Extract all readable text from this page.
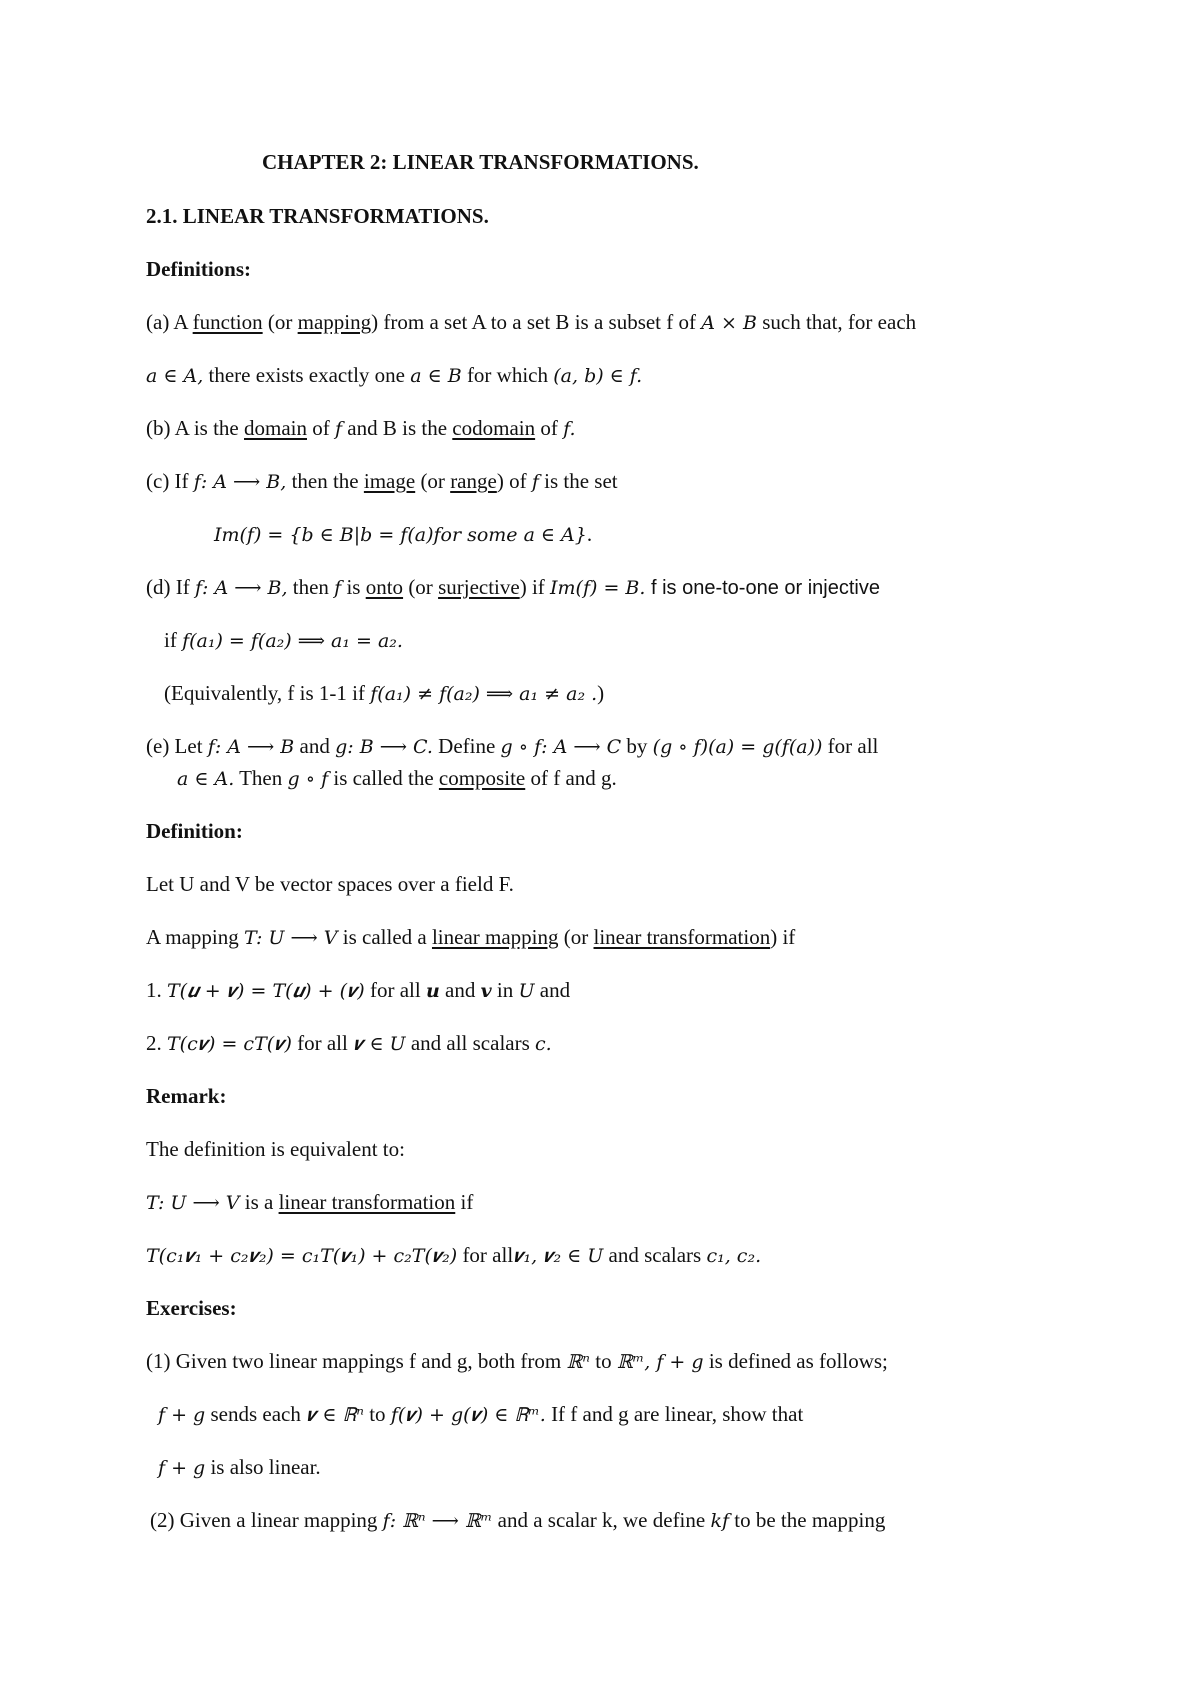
CHAPTER 2: LINEAR TRANSFORMATIONS.
2.1. LINEAR TRANSFORMATIONS.
Definitions:
(a) A function (or mapping) from a set A to a set B is a subset f of A × B such that, for each
a ∈ A, there exists exactly one a ∈ B for which (a, b) ∈ f.
(b) A is the domain of f and B is the codomain of f.
(c) If f: A ⟶ B, then the image (or range) of f is the set
Im(f) = {b ∈ B|b = f(a)for some a ∈ A}.
(d) If f: A ⟶ B, then f is onto (or surjective) if Im(f) = B. f is one-to-one or injective
if f(a₁) = f(a₂) ⟹ a₁ = a₂.
(Equivalently, f is 1-1 if f(a₁) ≠ f(a₂) ⟹ a₁ ≠ a₂ .)
(e) Let f: A ⟶ B and g: B ⟶ C. Define g ∘ f: A ⟶ C by (g ∘ f)(a) = g(f(a)) for all
a ∈ A. Then g ∘ f is called the composite of f and g.
Definition:
Let U and V be vector spaces over a field F.
A mapping T: U ⟶ V is called a linear mapping (or linear transformation) if
1. T(𝒖 + 𝒗) = T(𝒖) + (𝒗) for all 𝒖 and 𝒗 in U and
2. T(c𝒗) = cT(𝒗) for all 𝒗 ∈ U and all scalars c.
Remark:
The definition is equivalent to:
T: U ⟶ V is a linear transformation if
T(c₁𝒗₁ + c₂𝒗₂) = c₁T(𝒗₁) + c₂T(𝒗₂) for all𝒗₁, 𝒗₂ ∈ U and scalars c₁, c₂.
Exercises:
(1) Given two linear mappings f and g, both from ℝⁿ to ℝᵐ, f + g is defined as follows;
f + g sends each 𝒗 ∈ ℝⁿ to f(𝒗) + g(𝒗) ∈ ℝᵐ. If f and g are linear, show that
f + g is also linear.
(2) Given a linear mapping f: ℝⁿ ⟶ ℝᵐ and a scalar k, we define kf to be the mapping
